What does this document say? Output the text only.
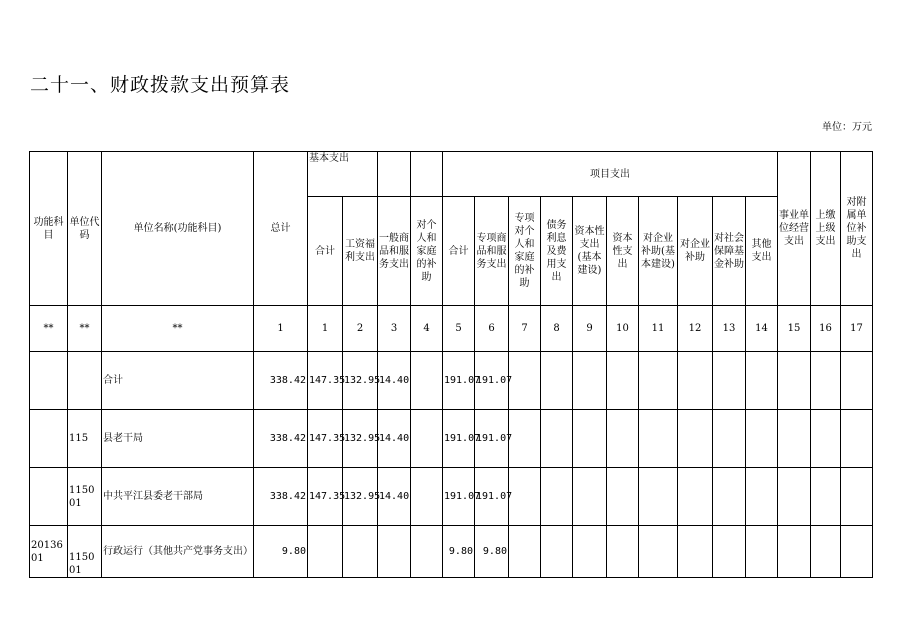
二十一、财政拨款支出预算表
单位：万元
功能科目	单位代码	单位名称(功能科目)	总计	基本支出				项目支出										事业单位经营支出	上缴上级支出	对附属单位补助支出
				合计	工资福利支出	一般商品和服务支出	对个人和家庭的补助	合计	专项商品和服务支出	专项对个人和家庭的补助	债务利息及费用支出	资本性支出(基本建设)	资本性支出	对企业补助(基本建设)	对企业补助	对社会保障基金补助	其他支出			
**	**	**	1	1	2	3	4	5	6	7	8	9	10	11	12	13	14	15	16	17
		合计	338.42	147.35	132.95	14.40		191.07	191.07											
	115	县老干局	338.42	147.35	132.95	14.40		191.07	191.07											
	115001	中共平江县委老干部局	338.42	147.35	132.95	14.40		191.07	191.07											
2013601	115001	行政运行（其他共产党事务支出）	9.80					9.80	9.80											
